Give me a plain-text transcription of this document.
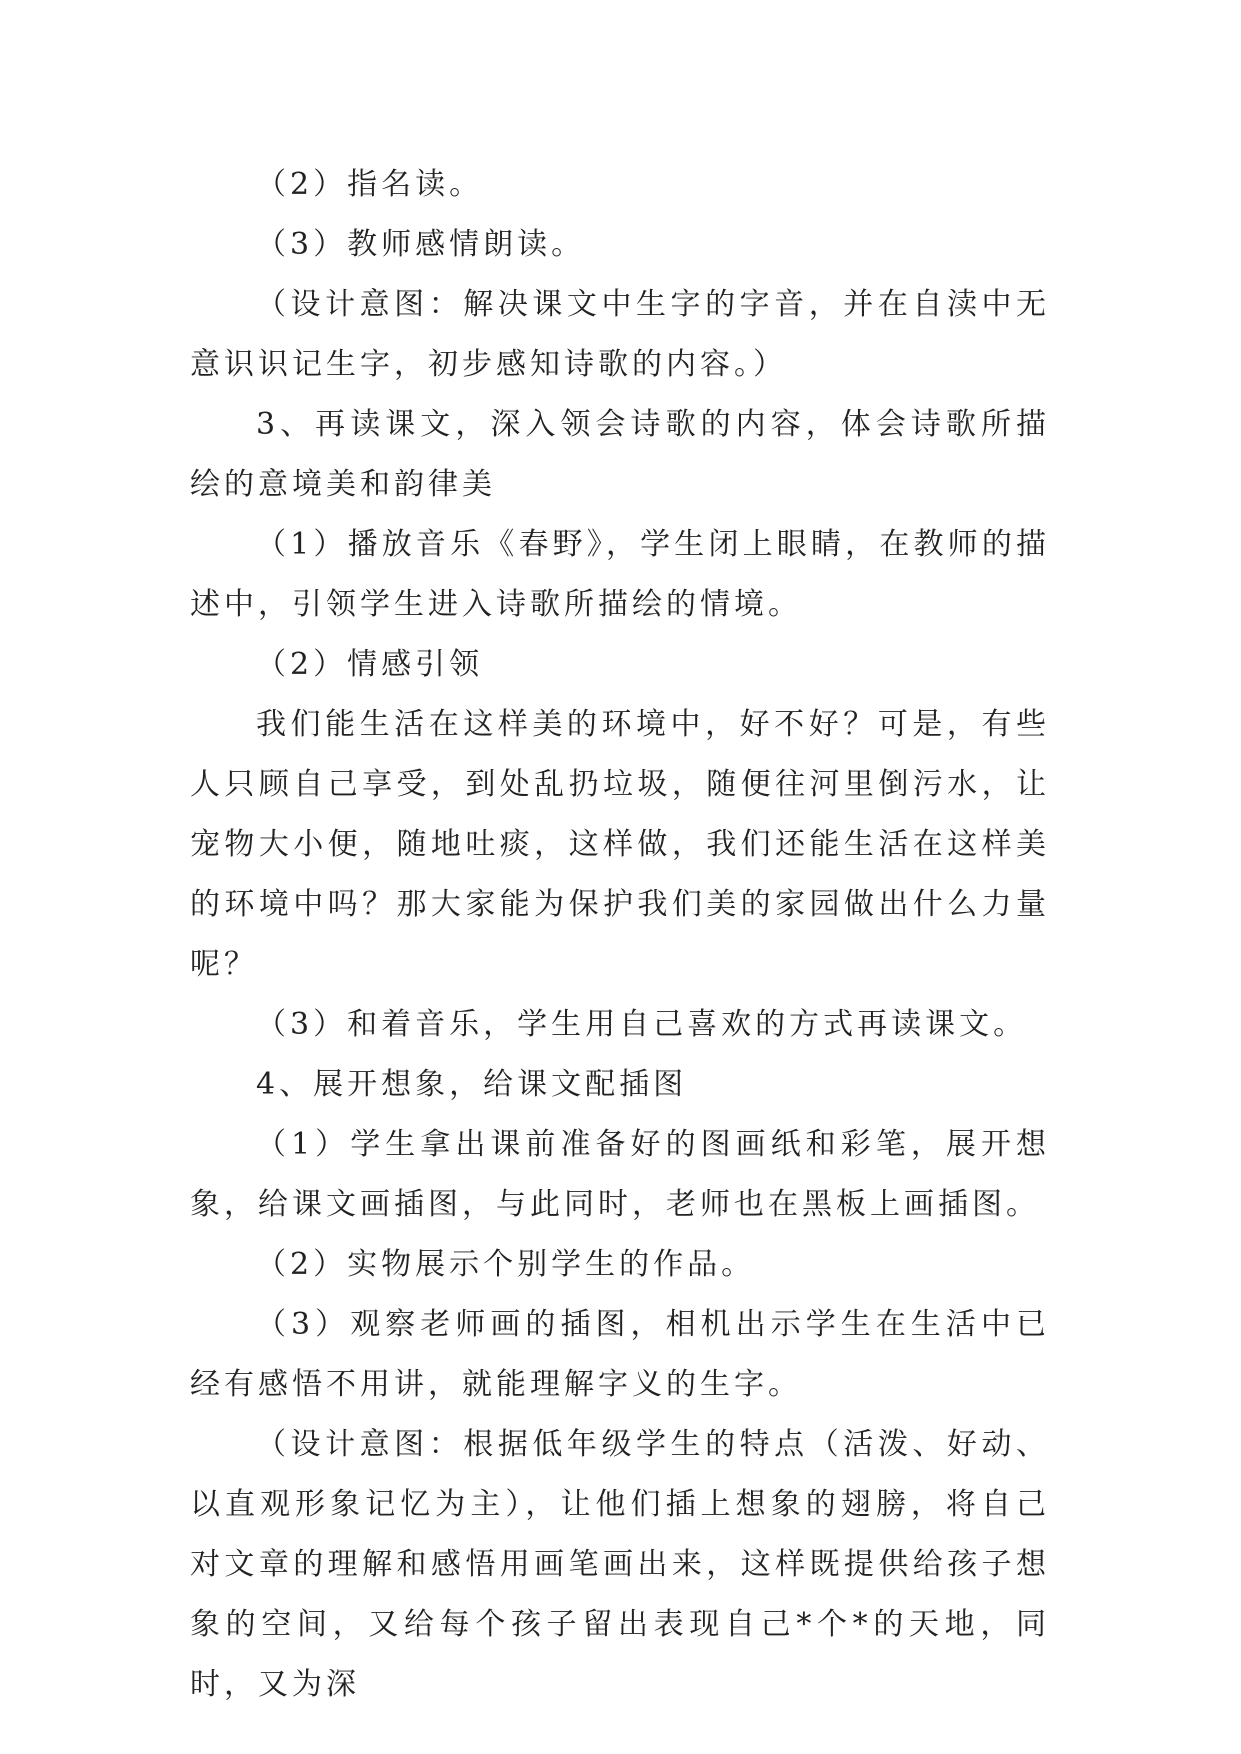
（2）指名读。

（3）教师感情朗读。

（设计意图：解决课文中生字的字音，并在自渎中无意识识记生字，初步感知诗歌的内容。）

3、再读课文，深入领会诗歌的内容，体会诗歌所描绘的意境美和韵律美

（1）播放音乐《春野》，学生闭上眼睛，在教师的描述中，引领学生进入诗歌所描绘的情境。

（2）情感引领

我们能生活在这样美的环境中，好不好？可是，有些人只顾自己享受，到处乱扔垃圾，随便往河里倒污水，让宠物大小便，随地吐痰，这样做，我们还能生活在这样美的环境中吗？那大家能为保护我们美的家园做出什么力量呢？

（3）和着音乐，学生用自己喜欢的方式再读课文。

4、展开想象，给课文配插图

（1）学生拿出课前准备好的图画纸和彩笔，展开想象，给课文画插图，与此同时，老师也在黑板上画插图。

（2）实物展示个别学生的作品。

（3）观察老师画的插图，相机出示学生在生活中已经有感悟不用讲，就能理解字义的生字。

（设计意图：根据低年级学生的特点（活泼、好动、以直观形象记忆为主），让他们插上想象的翅膀，将自己对文章的理解和感悟用画笔画出来，这样既提供给孩子想象的空间，又给每个孩子留出表现自己*个*的天地，同时，又为深
